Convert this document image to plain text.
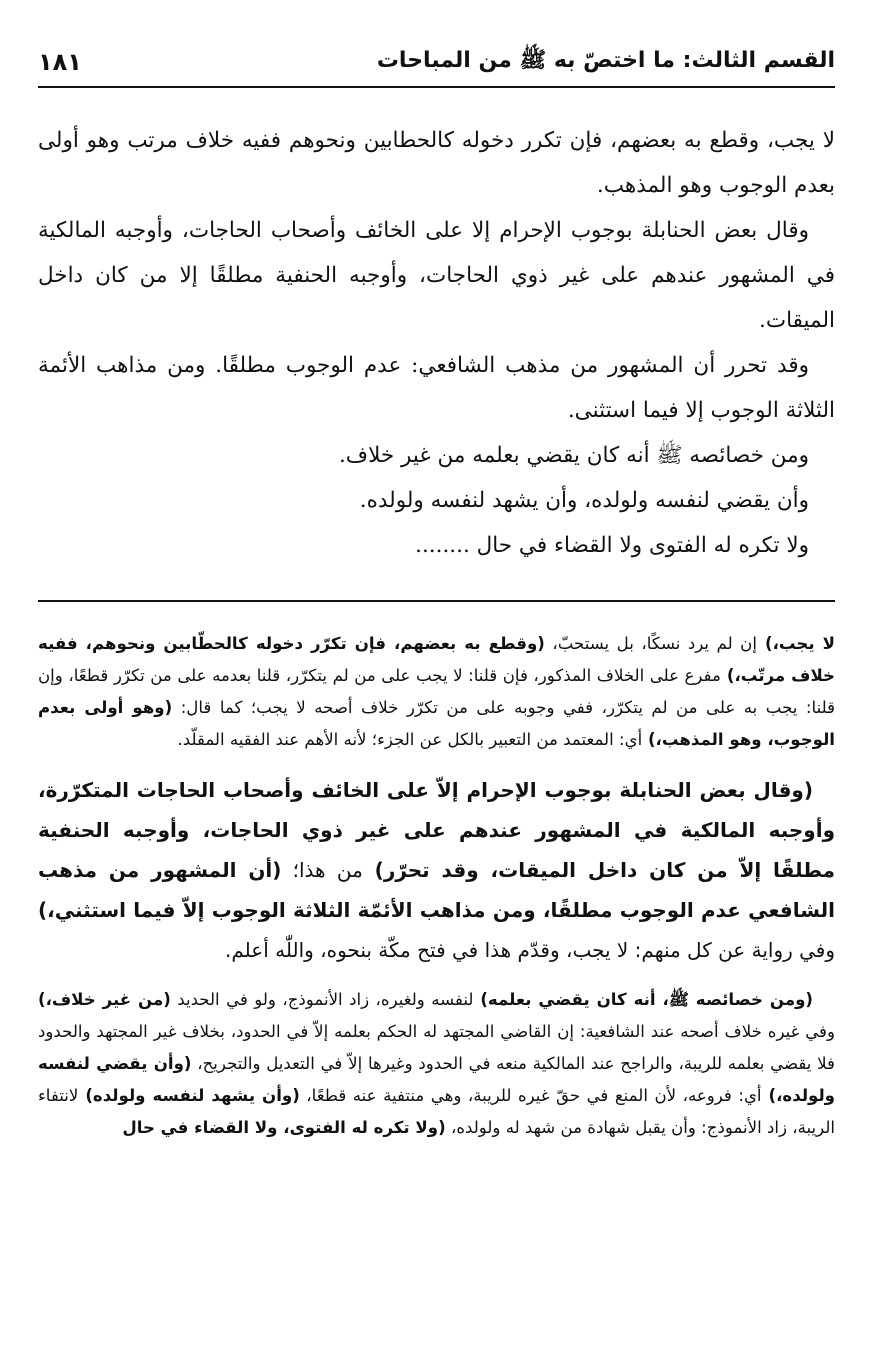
القسم الثالث: ما اختصّ به ﷺ من المباحات
١٨١

لا يجب، وقطع به بعضهم، فإن تكرر دخوله كالحطابين ونحوهم ففيه خلاف مرتب وهو أولى بعدم الوجوب وهو المذهب.

وقال بعض الحنابلة بوجوب الإحرام إلا على الخائف وأصحاب الحاجات، وأوجبه المالكية في المشهور عندهم على غير ذوي الحاجات، وأوجبه الحنفية مطلقًا إلا من كان داخل الميقات.

وقد تحرر أن المشهور من مذهب الشافعي: عدم الوجوب مطلقًا. ومن مذاهب الأئمة الثلاثة الوجوب إلا فيما استثنى.

ومن خصائصه ﷺ أنه كان يقضي بعلمه من غير خلاف.

وأن يقضي لنفسه ولولده، وأن يشهد لنفسه ولولده.

ولا تكره له الفتوى ولا القضاء في حال ........

لا يجب،) إن لم يرد نسكًا، بل يستحبّ، (وقطع به بعضهم، فإن تكرّر دخوله كالحطّابين ونحوهم، ففيه خلاف مرتّب،) مفرع على الخلاف المذكور، فإن قلنا: لا يجب على من لم يتكرّر، قلنا بعدمه على من تكرّر قطعًا، وإن قلنا: يجب به على من لم يتكرّر، ففي وجوبه على من تكرّر خلاف أصحه لا يجب؛ كما قال: (وهو أولى بعدم الوجوب، وهو المذهب،) أي: المعتمد من التعبير بالكل عن الجزء؛ لأنه الأهم عند الفقيه المقلّد.

(وقال بعض الحنابلة بوجوب الإحرام إلاّ على الخائف وأصحاب الحاجات المتكرّرة، وأوجبه المالكية في المشهور عندهم على غير ذوي الحاجات، وأوجبه الحنفية مطلقًا إلاّ من كان داخل الميقات، وقد تحرّر) من هذا؛ (أن المشهور من مذهب الشافعي عدم الوجوب مطلقًا، ومن مذاهب الأئمّة الثلاثة الوجوب إلاّ فيما استثني،) وفي رواية عن كل منهم: لا يجب، وقدّم هذا في فتح مكّة بنحوه، واللّٰه أعلم.

(ومن خصائصه ﷺ، أنه كان يقضي بعلمه) لنفسه ولغيره، زاد الأنموذج، ولو في الحديد (من غير خلاف،) وفي غيره خلاف أصحه عند الشافعية: إن القاضي المجتهد له الحكم بعلمه إلاّ في الحدود، بخلاف غير المجتهد والحدود فلا يقضي بعلمه للريبة، والراجح عند المالكية منعه في الحدود وغيرها إلاّ في التعديل والتجريح، (وأن يقضي لنفسه ولولده،) أي: فروعه، لأن المنع في حقّ غيره للريبة، وهي منتفية عنه قطعًا، (وأن يشهد لنفسه ولولده) لانتفاء الريبة، زاد الأنموذج: وأن يقبل شهادة من شهد له ولولده، (ولا تكره له الفتوى، ولا القضاء في حال
